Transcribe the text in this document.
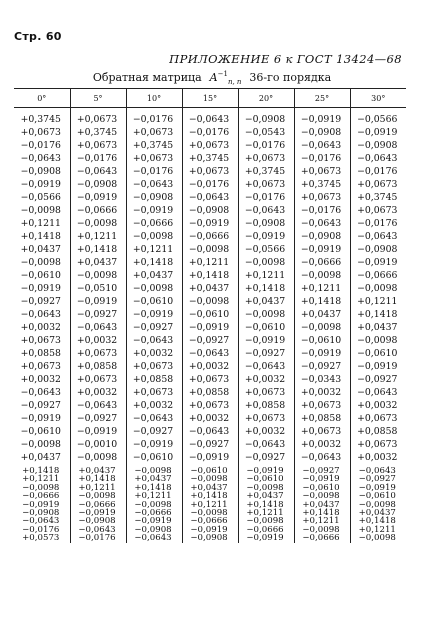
Стр. 60
ПРИЛОЖЕНИЕ 6 к ГОСТ 13424—68
Обратная матрица $A^{-1}_{n, n}$ 36-го порядка
0°	5°	10°	15°	20°	25°	30°
+0,3745	+0,0673	−0,0176	−0,0643	−0,0908	−0,0919	−0,0566
+0,0673	+0,3745	+0,0673	−0,0176	−0,0543	−0,0908	−0,0919
−0,0176	+0,0673	+0,3745	+0,0673	−0,0176	−0,0643	−0,0908
−0,0643	−0,0176	+0,0673	+0,3745	+0,0673	−0,0176	−0,0643
−0,0908	−0,0643	−0,0176	+0,0673	+0,3745	+0,0673	−0,0176
−0,0919	−0,0908	−0,0643	−0,0176	+0,0673	+0,3745	+0,0673
−0,0566	−0,0919	−0,0908	−0,0643	−0,0176	+0,0673	+0,3745
−0,0098	−0,0666	−0,0919	−0,0908	−0,0643	−0,0176	+0,0673
+0,1211	−0,0098	−0,0666	−0,0919	−0,0908	−0,0643	−0,0176
+0,1418	+0,1211	−0,0098	−0,0666	−0,0919	−0,0908	−0,0643
+0,0437	+0,1418	+0,1211	−0,0098	−0,0566	−0,0919	−0,0908
−0,0098	+0,0437	+0,1418	+0,1211	−0,0098	−0,0666	−0,0919
−0,0610	−0,0098	+0,0437	+0,1418	+0,1211	−0,0098	−0,0666
−0,0919	−0,0510	−0,0098	+0,0437	+0,1418	+0,1211	−0,0098
−0,0927	−0,0919	−0,0610	−0,0098	+0,0437	+0,1418	+0,1211
−0,0643	−0,0927	−0,0919	−0,0610	−0,0098	+0,0437	+0,1418
+0,0032	−0,0643	−0,0927	−0,0919	−0,0610	−0,0098	+0,0437
+0,0673	+0,0032	−0,0643	−0,0927	−0,0919	−0,0610	−0,0098
+0,0858	+0,0673	+0,0032	−0,0643	−0,0927	−0,0919	−0,0610
+0,0673	+0,0858	+0,0673	+0,0032	−0,0643	−0,0927	−0,0919
+0,0032	+0,0673	+0,0858	+0,0673	+0,0032	−0,0343	−0,0927
−0,0643	+0,0032	+0,0673	+0,0858	+0,0673	+0,0032	−0,0643
−0,0927	−0,0643	+0,0032	+0,0673	+0,0858	+0,0673	+0,0032
−0,0919	−0,0927	−0,0643	+0,0032	+0,0673	+0,0858	+0,0673
−0,0610	−0,0919	−0,0927	−0,0643	+0,0032	+0,0673	+0,0858
−0,0098	−0,0010	−0,0919	−0,0927	−0,0643	+0,0032	+0,0673
+0,0437	−0,0098	−0,0610	−0,0919	−0,0927	−0,0643	+0,0032
+0,1418	+0,0437	−0,0098	−0,0610	−0,0919	−0,0927	−0,0643
+0,1211	+0,1418	+0,0437	−0,0098	−0,0610	−0,0919	−0,0927
−0,0098	+0,1211	+0,1418	+0,0437	−0,0098	−0,0610	−0,0919
−0,0666	−0,0098	+0,1211	+0,1418	+0,0437	−0,0098	−0,0610
−0,0919	−0,0666	−0,0098	+0,1211	+0,1418	+0,0437	−0,0098
−0,0908	−0,0919	−0,0666	−0,0098	+0,1211	+0,1418	+0,0437
−0,0643	−0,0908	−0,0919	−0,0666	−0,0098	+0,1211	+0,1418
−0,0176	−0,0643	−0,0908	−0,0919	−0,0666	−0,0098	+0,1211
+0,0573	−0,0176	−0,0643	−0,0908	−0,0919	−0,0666	−0,0098
